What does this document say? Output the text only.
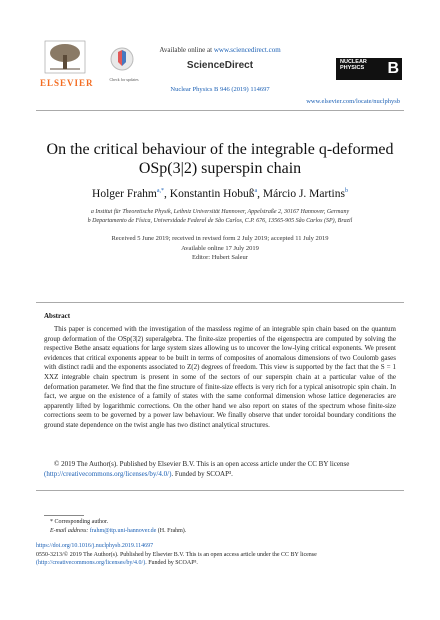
ELSEVIER	Check for updates
Available online at www.sciencedirect.com
ScienceDirect
Nuclear Physics B 946 (2019) 114697
NUCLEAR
PHYSICS	B
www.elsevier.com/locate/nuclphysb
On the critical behaviour of the integrable q-deformed
OSp(3|2) superspin chain
Holger Frahm$^{a,*}$, Konstantin Hobuß$^a$, Márcio J. Martins$^b$
a Institut für Theoretische Physik, Leibniz Universität Hannover, Appelstraße 2, 30167 Hannover, Germany
b Departamento de Física, Universidade Federal de São Carlos, C.P. 676, 13565-905 São Carlos (SP), Brazil
Received 5 June 2019; received in revised form 2 July 2019; accepted 11 July 2019
Available online 17 July 2019
Editor: Hubert Saleur
Abstract
This paper is concerned with the investigation of the massless regime of an integrable spin chain based on the quantum group deformation of the OSp(3|2) superalgebra. The finite-size properties of the eigenspectra are computed by solving the respective Bethe ansatz equations for large system sizes allowing us to uncover the low-lying critical exponents. We present evidences that critical exponents appear to be built in terms of composites of anomalous dimensions of two Coulomb gases with distinct radii and the exponents associated to Z(2) degrees of freedom. This view is supported by the fact that the S = 1 XXZ integrable chain spectrum is present in some of the sectors of our superspin chain at a particular value of the deformation parameter. We find that the fine structure of finite-size effects is very rich for a typical anisotropic spin chain. In fact, we argue on the existence of a family of states with the same conformal dimension whose lattice degeneracies are apparently lifted by logarithmic corrections. On the other hand we also report on states of the spectrum whose finite-size corrections seem to be governed by a power law behaviour. We finally observe that under toroidal boundary conditions the ground state dependence on the twist angle has two distinct analytical structures.
© 2019 The Author(s). Published by Elsevier B.V. This is an open access article under the CC BY license (http://creativecommons.org/licenses/by/4.0/). Funded by SCOAP³.
* Corresponding author.
E-mail address: frahm@itp.uni-hannover.de (H. Frahm).
https://doi.org/10.1016/j.nuclphysb.2019.114697
0550-3213/© 2019 The Author(s). Published by Elsevier B.V. This is an open access article under the CC BY license
(http://creativecommons.org/licenses/by/4.0/). Funded by SCOAP³.
